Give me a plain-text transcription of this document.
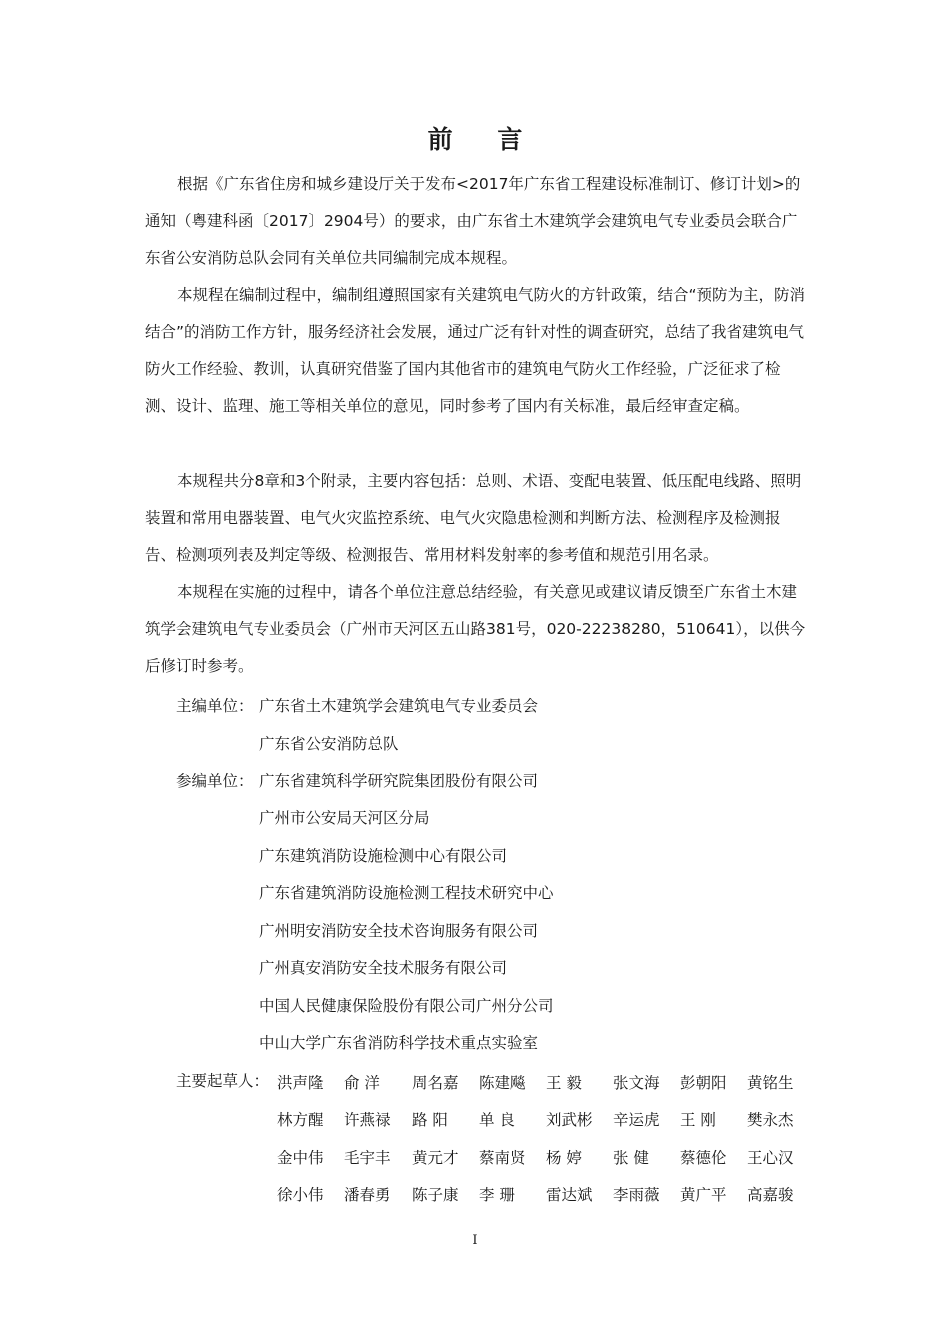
前 言

根据《广东省住房和城乡建设厅关于发布<2017年广东省工程建设标准制订、修订计划>的通知（粤建科函〔2017〕2904号）的要求，由广东省土木建筑学会建筑电气专业委员会联合广东省公安消防总队会同有关单位共同编制完成本规程。

本规程在编制过程中，编制组遵照国家有关建筑电气防火的方针政策，结合“预防为主，防消结合”的消防工作方针，服务经济社会发展，通过广泛有针对性的调查研究，总结了我省建筑电气防火工作经验、教训，认真研究借鉴了国内其他省市的建筑电气防火工作经验，广泛征求了检测、设计、监理、施工等相关单位的意见，同时参考了国内有关标准，最后经审查定稿。

本规程共分8章和3个附录，主要内容包括：总则、术语、变配电装置、低压配电线路、照明装置和常用电器装置、电气火灾监控系统、电气火灾隐患检测和判断方法、检测程序及检测报告、检测项列表及判定等级、检测报告、常用材料发射率的参考值和规范引用名录。

本规程在实施的过程中，请各个单位注意总结经验，有关意见或建议请反馈至广东省土木建筑学会建筑电气专业委员会（广州市天河区五山路381号，020-22238280，510641），以供今后修订时参考。

主编单位： 广东省土木建筑学会建筑电气专业委员会
广东省公安消防总队
参编单位： 广东省建筑科学研究院集团股份有限公司
广州市公安局天河区分局
广东建筑消防设施检测中心有限公司
广东省建筑消防设施检测工程技术研究中心
广州明安消防安全技术咨询服务有限公司
广州真安消防安全技术服务有限公司
中国人民健康保险股份有限公司广州分公司
中山大学广东省消防科学技术重点实验室
主要起草人： 洪声隆 俞 洋 周名嘉 陈建飚 王 毅 张文海 彭朝阳 黄铭生
林方醒 许燕禄 路 阳 单 良 刘武彬 辛运虎 王 刚 樊永杰
金中伟 毛宇丰 黄元才 蔡南贤 杨 婷 张 健 蔡德伦 王心汉
徐小伟 潘春勇 陈子康 李 珊 雷达斌 李雨薇 黄广平 高嘉骏
I
